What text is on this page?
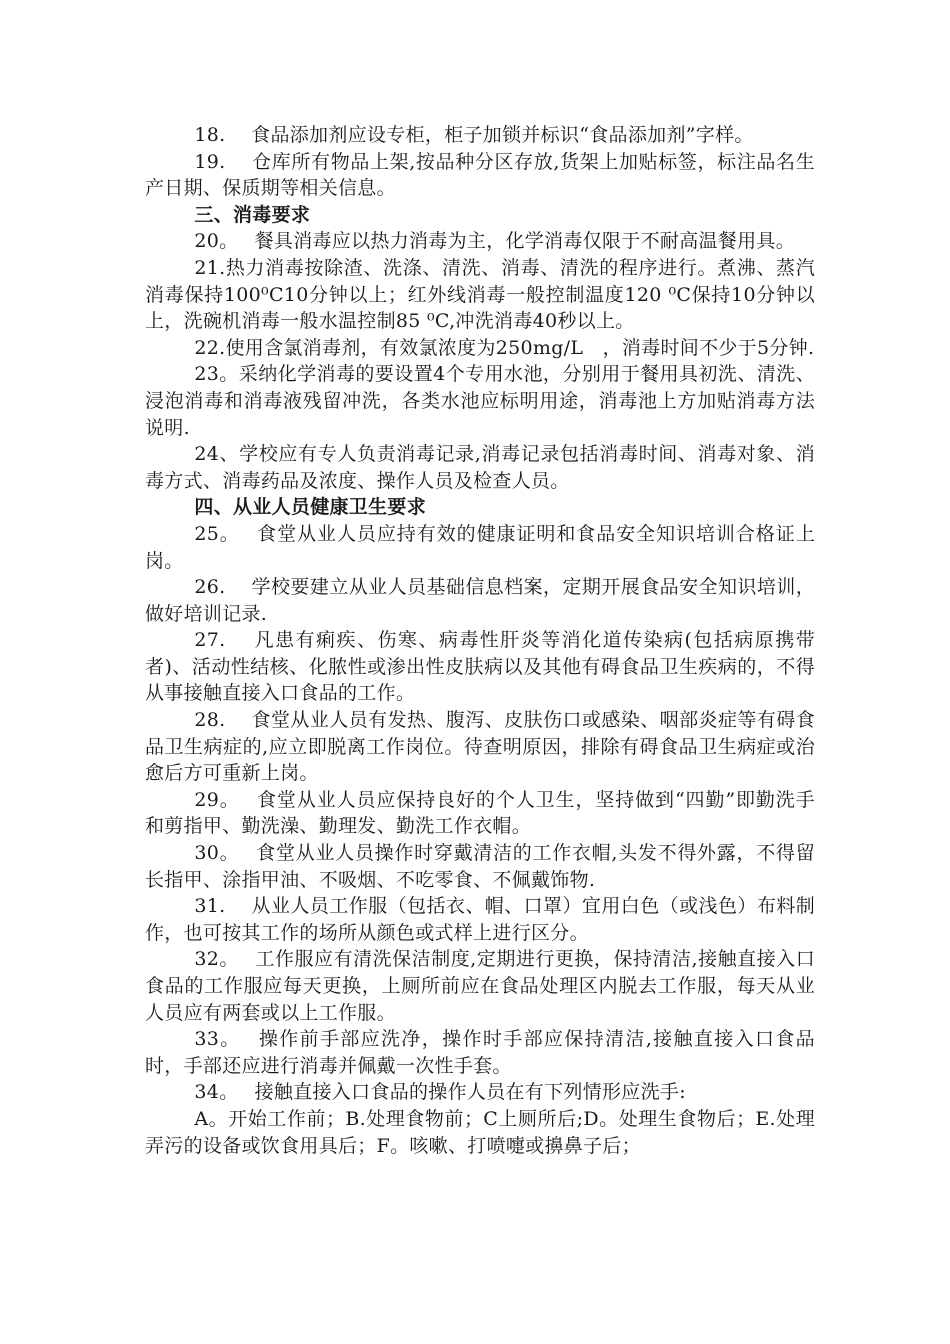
18.　 食品添加剂应设专柜，柜子加锁并标识“食品添加剂”字样。

19.　 仓库所有物品上架,按品种分区存放,货架上加贴标签，标注品名生产日期、保质期等相关信息。

三、消毒要求

20。　 餐具消毒应以热力消毒为主，化学消毒仅限于不耐高温餐用具。

21.热力消毒按除渣、洗涤、清洗、消毒、清洗的程序进行。煮沸、蒸汽消毒保持100⁰C10分钟以上；红外线消毒一般控制温度120 ⁰C保持10分钟以上，洗碗机消毒一般水温控制85 ⁰C,冲洗消毒40秒以上。

22.使用含氯消毒剂，有效氯浓度为250mg/L　，消毒时间不少于5分钟.

23。采纳化学消毒的要设置4个专用水池，分别用于餐用具初洗、清洗、浸泡消毒和消毒液残留冲洗，各类水池应标明用途，消毒池上方加贴消毒方法说明.

24、学校应有专人负责消毒记录,消毒记录包括消毒时间、消毒对象、消毒方式、消毒药品及浓度、操作人员及检查人员。

四、从业人员健康卫生要求

25。　 食堂从业人员应持有效的健康证明和食品安全知识培训合格证上岗。

26.　 学校要建立从业人员基础信息档案，定期开展食品安全知识培训，做好培训记录.

27.　 凡患有痢疾、伤寒、病毒性肝炎等消化道传染病(包括病原携带者)、活动性结核、化脓性或渗出性皮肤病以及其他有碍食品卫生疾病的，不得从事接触直接入口食品的工作。

28.　 食堂从业人员有发热、腹泻、皮肤伤口或感染、咽部炎症等有碍食品卫生病症的,应立即脱离工作岗位。待查明原因，排除有碍食品卫生病症或治愈后方可重新上岗。

29。　 食堂从业人员应保持良好的个人卫生，坚持做到“四勤”即勤洗手和剪指甲、勤洗澡、勤理发、勤洗工作衣帽。

30。　 食堂从业人员操作时穿戴清洁的工作衣帽,头发不得外露，不得留长指甲、涂指甲油、不吸烟、不吃零食、不佩戴饰物.

31.　 从业人员工作服（包括衣、帽、口罩）宜用白色（或浅色）布料制作，也可按其工作的场所从颜色或式样上进行区分。

32。　 工作服应有清洗保洁制度,定期进行更换，保持清洁,接触直接入口食品的工作服应每天更换，上厕所前应在食品处理区内脱去工作服，每天从业人员应有两套或以上工作服。

33。　 操作前手部应洗净，操作时手部应保持清洁,接触直接入口食品时，手部还应进行消毒并佩戴一次性手套。

34。　 接触直接入口食品的操作人员在有下列情形应洗手:

A。开始工作前；B.处理食物前；C上厕所后;D。处理生食物后；E.处理弄污的设备或饮食用具后；F。咳嗽、打喷嚏或擤鼻子后；
